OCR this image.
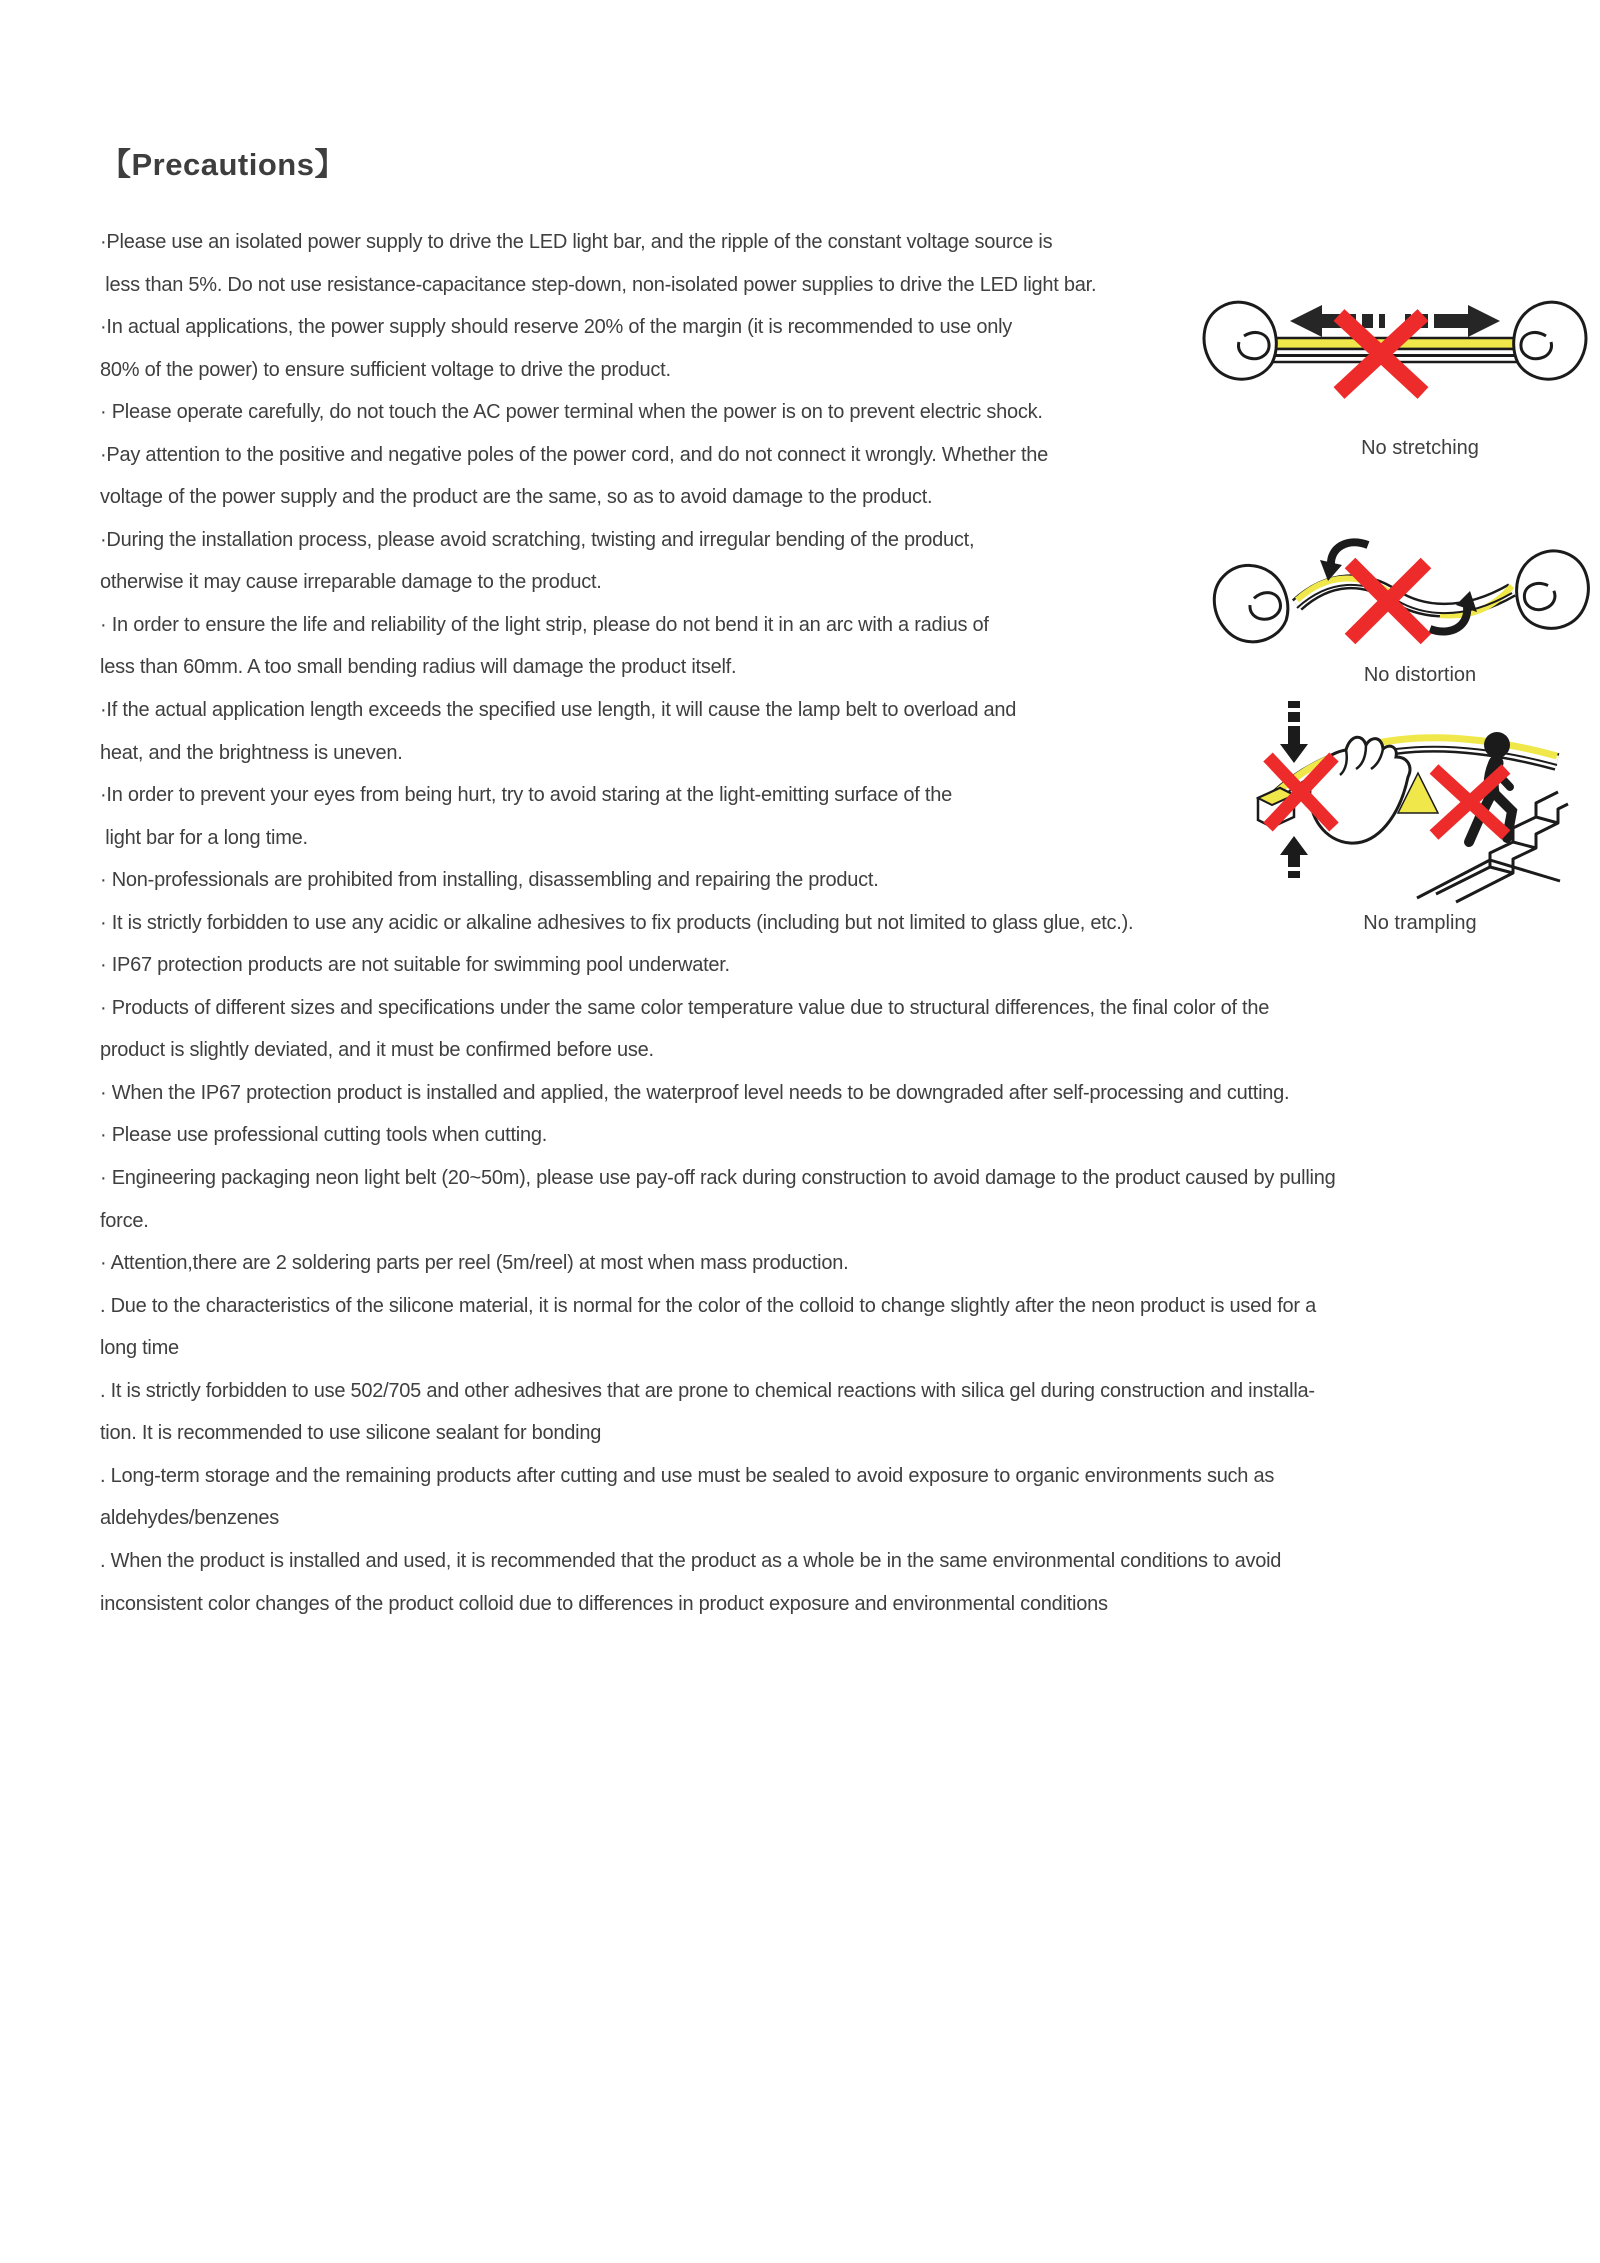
【Precautions】
·Please use an isolated power supply to drive the LED light bar, and the ripple of the constant voltage source is
less than 5%. Do not use resistance-capacitance step-down, non-isolated power supplies to drive the LED light bar.
·In actual applications, the power supply should reserve 20% of the margin (it is recommended to use only
80% of the power) to ensure sufficient voltage to drive the product.
· Please operate carefully, do not touch the AC power terminal when the power is on to prevent electric shock.
·Pay attention to the positive and negative poles of the power cord, and do not connect it wrongly. Whether the
voltage of the power supply and the product are the same, so as to avoid damage to the product.
·During the installation process, please avoid scratching, twisting and irregular bending of the product,
otherwise it may cause irreparable damage to the product.
· In order to ensure the life and reliability of the light strip, please do not bend it in an arc with a radius of
less than 60mm. A too small bending radius will damage the product itself.
·If the actual application length exceeds the specified use length, it will cause the lamp belt to overload and
heat, and the brightness is uneven.
·In order to prevent your eyes from being hurt, try to avoid staring at the light-emitting surface of the
light bar for a long time.
· Non-professionals are prohibited from installing, disassembling and repairing the product.
· It is strictly forbidden to use any acidic or alkaline adhesives to fix products (including but not limited to glass glue, etc.).
· IP67 protection products are not suitable for swimming pool underwater.
· Products of different sizes and specifications under the same color temperature value due to structural differences, the final color of the
product is slightly deviated, and it must be confirmed before use.
· When the IP67 protection product is installed and applied, the waterproof level needs to be downgraded after self-processing and cutting.
· Please use professional cutting tools when cutting.
· Engineering packaging neon light belt (20~50m), please use pay-off rack during construction to avoid damage to the product caused by pulling
force.
· Attention,there are 2 soldering parts per reel (5m/reel) at most when mass production.
. Due to the characteristics of the silicone material, it is normal for the color of the colloid to change slightly after the neon product is used for a
long time
. It is strictly forbidden to use 502/705 and other adhesives that are prone to chemical reactions with silica gel during construction and installa-
tion. It is recommended to use silicone sealant for bonding
. Long-term storage and the remaining products after cutting and use must be sealed to avoid exposure to organic environments such as
aldehydes/benzenes
. When the product is installed and used, it is recommended that the product as a whole be in the same environmental conditions to avoid
inconsistent color changes of the product colloid due to differences in product exposure and environmental conditions
No stretching
No distortion
No trampling
